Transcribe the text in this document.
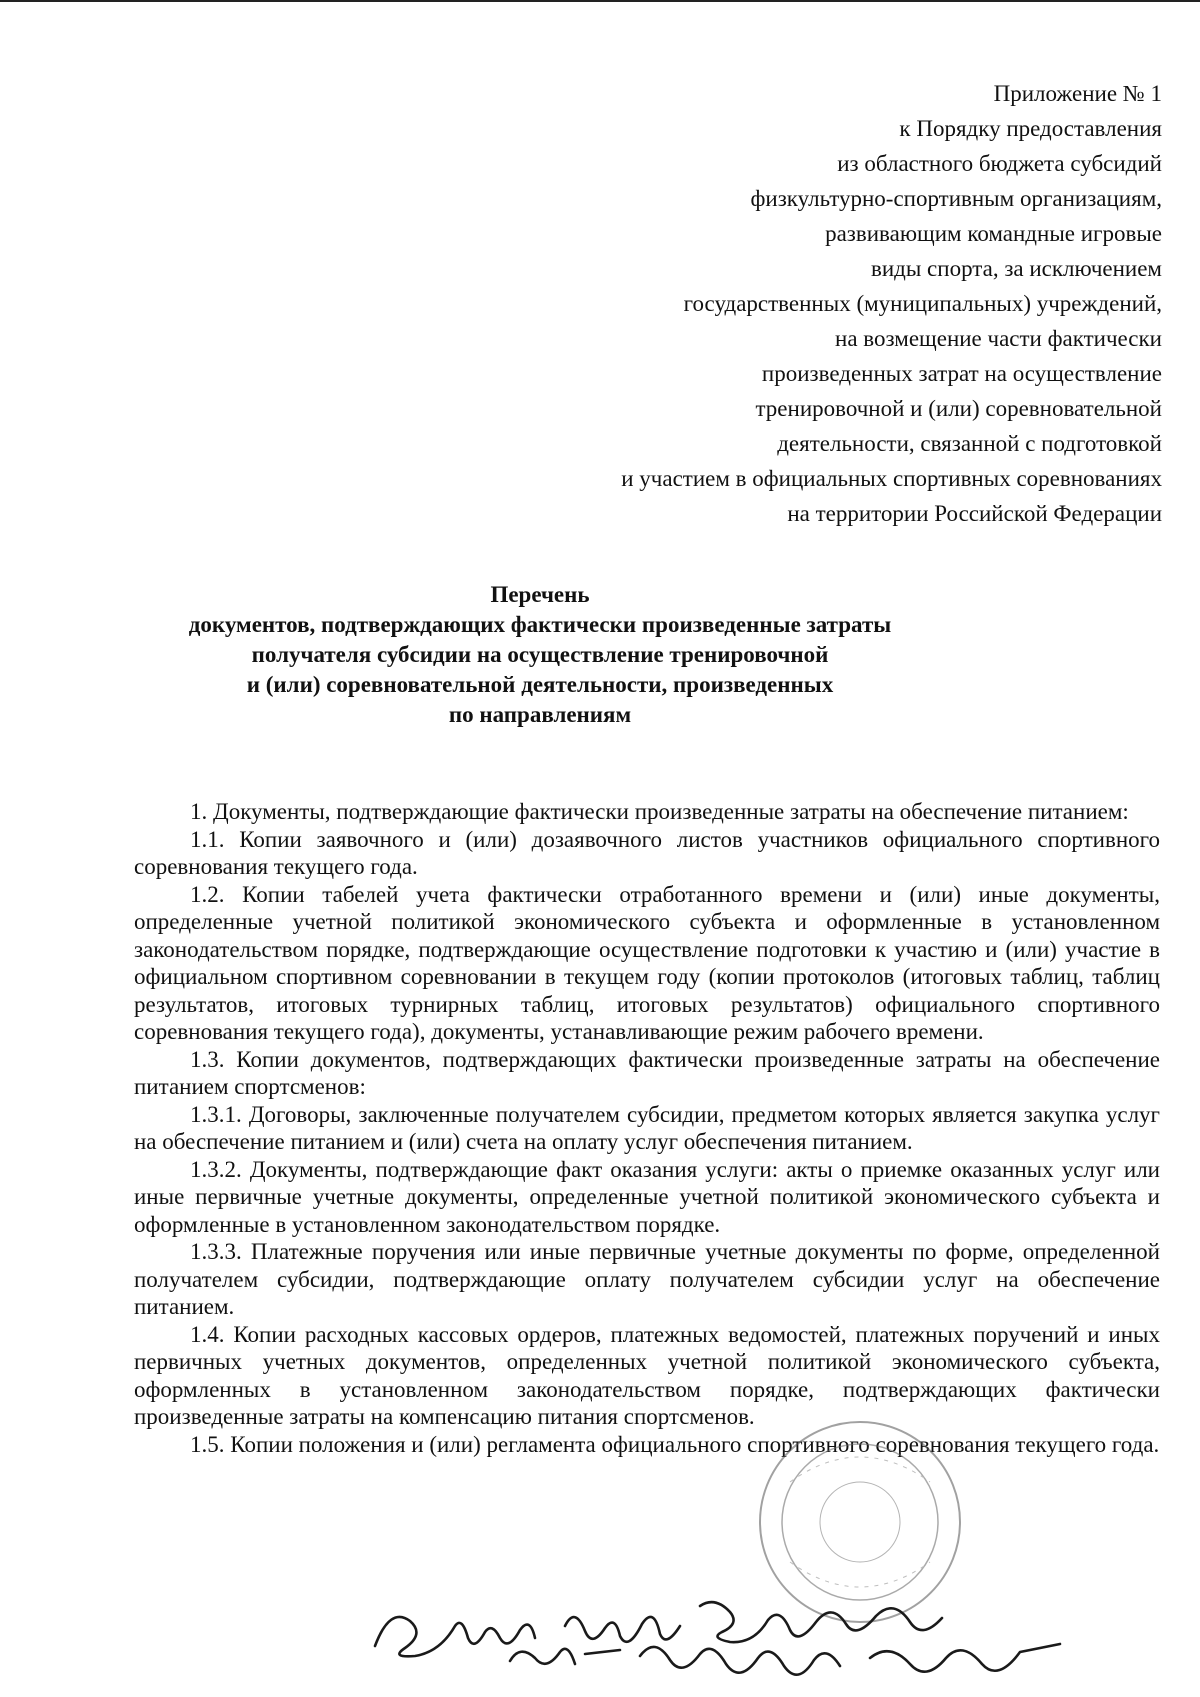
Приложение № 1
к Порядку предоставления
из областного бюджета субсидий
физкультурно-спортивным организациям,
развивающим командные игровые
виды спорта, за исключением
государственных (муниципальных) учреждений,
на возмещение части фактически
произведенных затрат на осуществление
тренировочной и (или) соревновательной
деятельности, связанной с подготовкой
и участием в официальных спортивных соревнованиях
на территории Российской Федерации
Перечень
документов, подтверждающих фактически произведенные затраты
получателя субсидии на осуществление тренировочной
и (или) соревновательной деятельности, произведенных
по направлениям

1. Документы, подтверждающие фактически произведенные затраты на обеспечение питанием:

1.1. Копии заявочного и (или) дозаявочного листов участников официального спортивного соревнования текущего года.

1.2. Копии табелей учета фактически отработанного времени и (или) иные документы, определенные учетной политикой экономического субъекта и оформленные в установленном законодательством порядке, подтверждающие осуществление подготовки к участию и (или) участие в официальном спортивном соревновании в текущем году (копии протоколов (итоговых таблиц, таблиц результатов, итоговых турнирных таблиц, итоговых результатов) официального спортивного соревнования текущего года), документы, устанавливающие режим рабочего времени.

1.3. Копии документов, подтверждающих фактически произведенные затраты на обеспечение питанием спортсменов:

1.3.1. Договоры, заключенные получателем субсидии, предметом которых является закупка услуг на обеспечение питанием и (или) счета на оплату услуг обеспечения питанием.

1.3.2. Документы, подтверждающие факт оказания услуги: акты о приемке оказанных услуг или иные первичные учетные документы, определенные учетной политикой экономического субъекта и оформленные в установленном законодательством порядке.

1.3.3. Платежные поручения или иные первичные учетные документы по форме, определенной получателем субсидии, подтверждающие оплату получателем субсидии услуг на обеспечение питанием.

1.4. Копии расходных кассовых ордеров, платежных ведомостей, платежных поручений и иных первичных учетных документов, определенных учетной политикой экономического субъекта, оформленных в установленном законодательством порядке, подтверждающих фактически произведенные затраты на компенсацию питания спортсменов.

1.5. Копии положения и (или) регламента официального спортивного соревнования текущего года.
